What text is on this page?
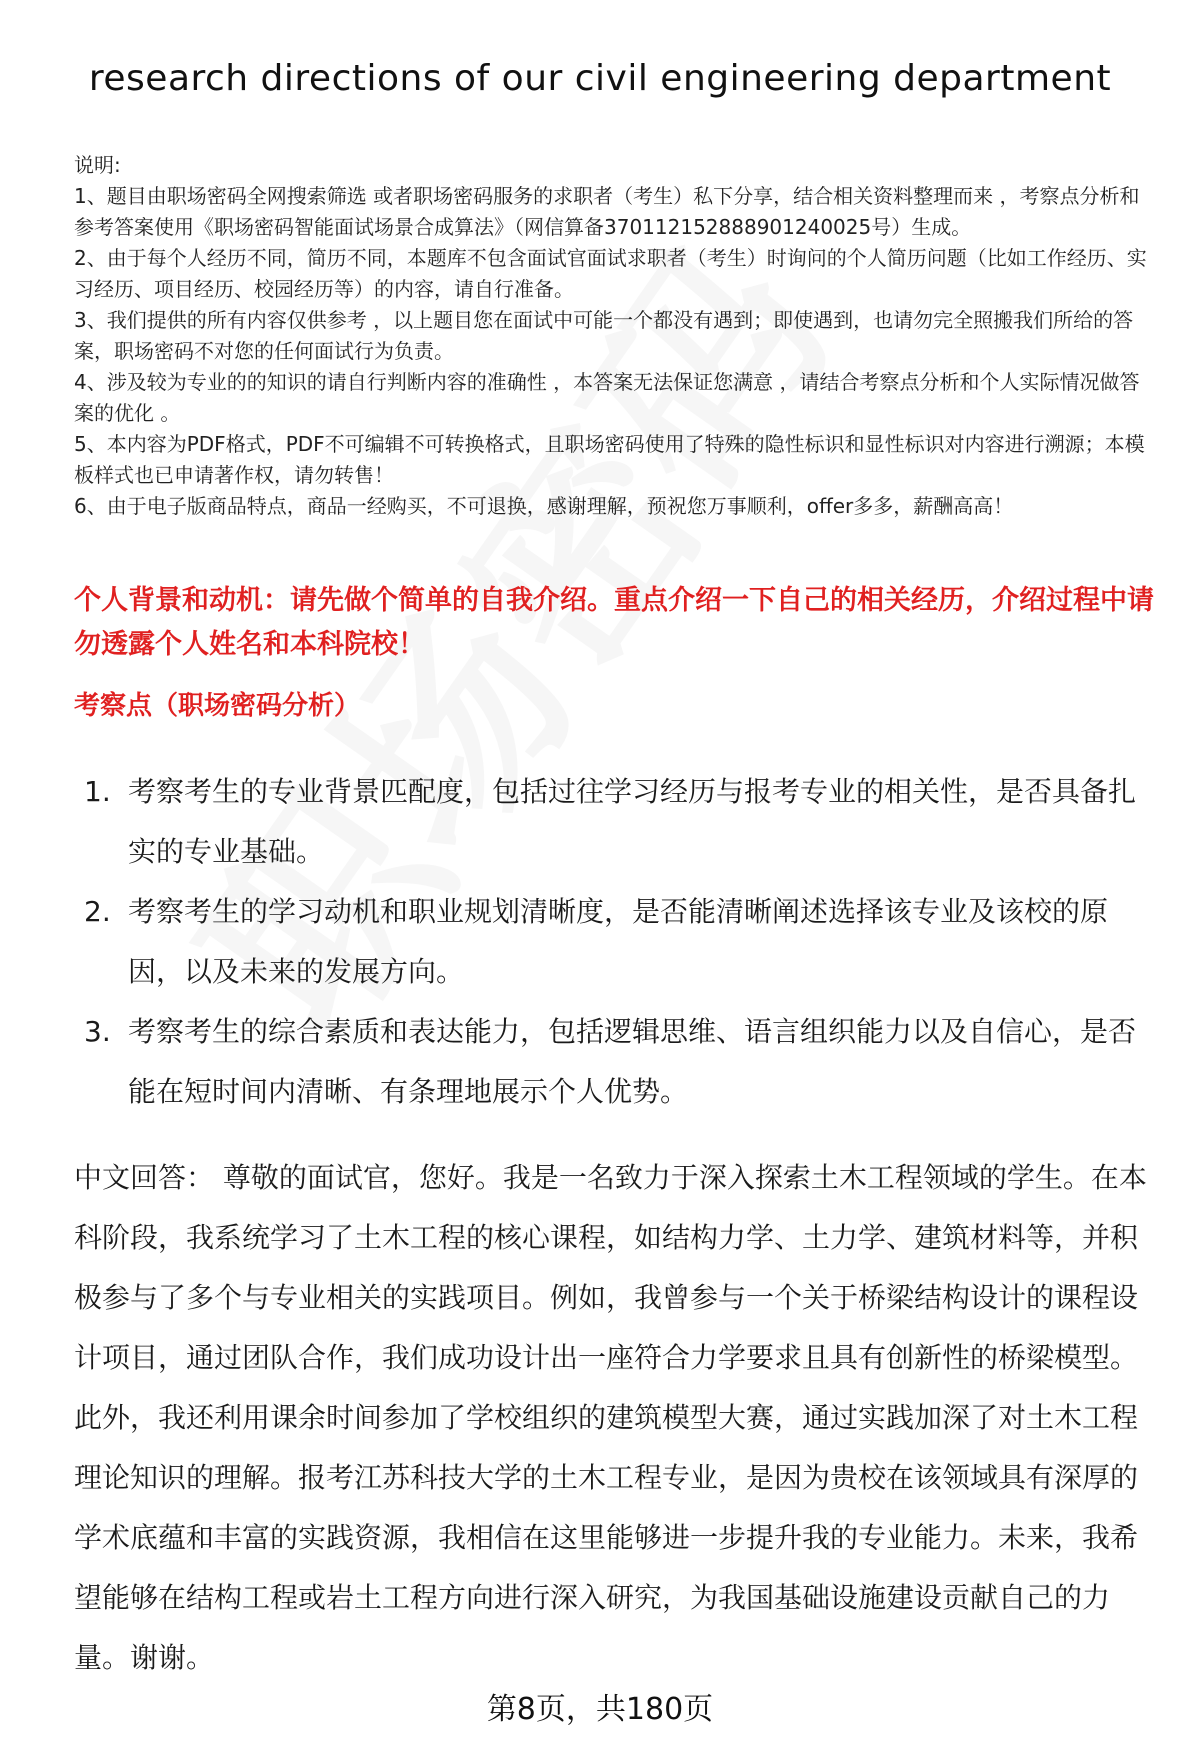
research directions of our civil engineering department

说明:

1、题目由职场密码全网搜索筛选 或者职场密码服务的求职者（考生）私下分享，结合相关资料整理而来 ，考察点分析和参考答案使用《职场密码智能面试场景合成算法》（网信算备370112152888901240025号）生成。

2、由于每个人经历不同，简历不同，本题库不包含面试官面试求职者（考生）时询问的个人简历问题（比如工作经历、实习经历、项目经历、校园经历等）的内容，请自行准备。

3、我们提供的所有内容仅供参考 ，以上题目您在面试中可能一个都没有遇到；即使遇到，也请勿完全照搬我们所给的答案，职场密码不对您的任何面试行为负责。

4、涉及较为专业的的知识的请自行判断内容的准确性 ，本答案无法保证您满意 ，请结合考察点分析和个人实际情况做答案的优化 。

5、本内容为PDF格式，PDF不可编辑不可转换格式，且职场密码使用了特殊的隐性标识和显性标识对内容进行溯源；本模板样式也已申请著作权，请勿转售！

6、由于电子版商品特点，商品一经购买，不可退换，感谢理解，预祝您万事顺利，offer多多，薪酬高高！

个人背景和动机：请先做个简单的自我介绍。重点介绍一下自己的相关经历，介绍过程中请勿透露个人姓名和本科院校！
考察点（职场密码分析）
1. 考察考生的专业背景匹配度，包括过往学习经历与报考专业的相关性，是否具备扎实的专业基础。
2. 考察考生的学习动机和职业规划清晰度，是否能清晰阐述选择该专业及该校的原因，以及未来的发展方向。
3. 考察考生的综合素质和表达能力，包括逻辑思维、语言组织能力以及自信心，是否能在短时间内清晰、有条理地展示个人优势。

中文回答： 尊敬的面试官，您好。我是一名致力于深入探索土木工程领域的学生。在本科阶段，我系统学习了土木工程的核心课程，如结构力学、土力学、建筑材料等，并积极参与了多个与专业相关的实践项目。例如，我曾参与一个关于桥梁结构设计的课程设计项目，通过团队合作，我们成功设计出一座符合力学要求且具有创新性的桥梁模型。此外，我还利用课余时间参加了学校组织的建筑模型大赛，通过实践加深了对土木工程理论知识的理解。报考江苏科技大学的土木工程专业，是因为贵校在该领域具有深厚的学术底蕴和丰富的实践资源，我相信在这里能够进一步提升我的专业能力。未来，我希望能够在结构工程或岩土工程方向进行深入研究，为我国基础设施建设贡献自己的力量。谢谢。

第8页，共180页
